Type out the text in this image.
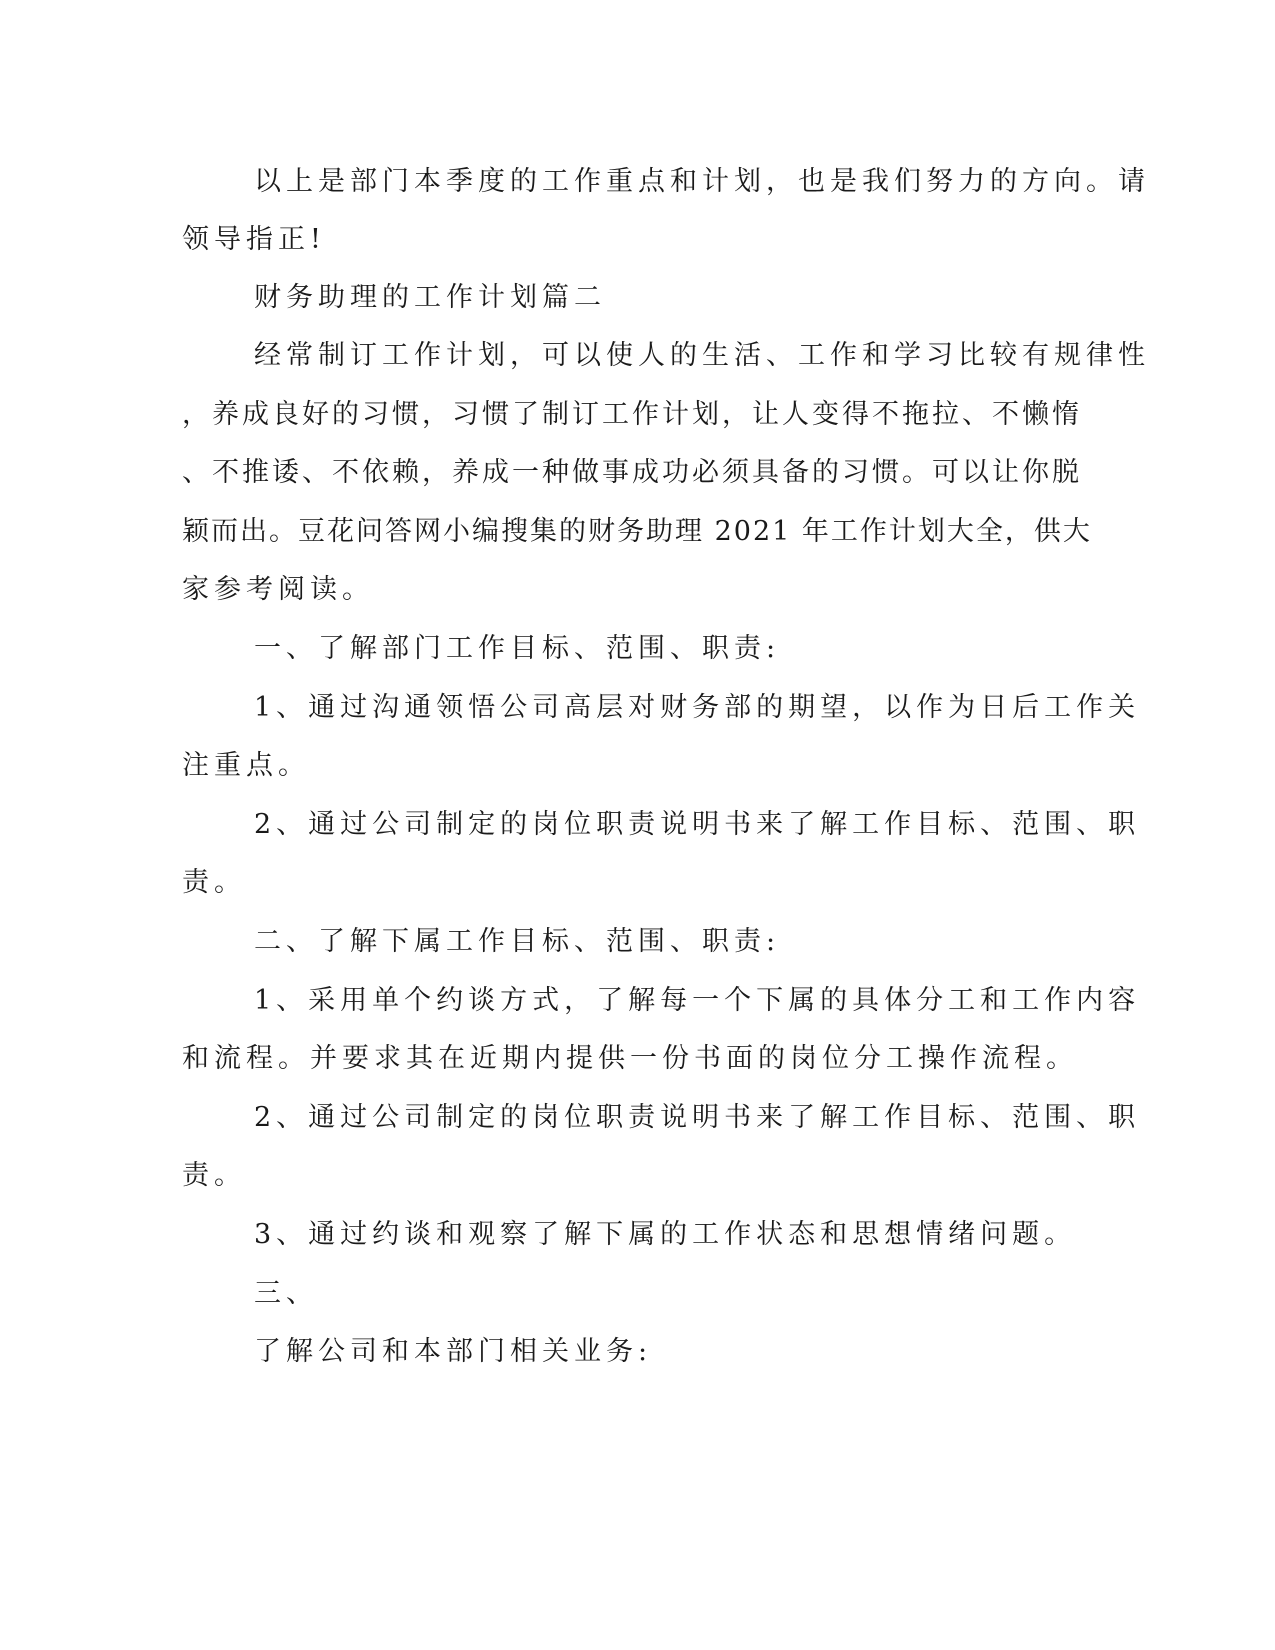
以上是部门本季度的工作重点和计划，也是我们努力的方向。请
领导指正!
财务助理的工作计划篇二
经常制订工作计划，可以使人的生活、工作和学习比较有规律性
，养成良好的习惯，习惯了制订工作计划，让人变得不拖拉、不懒惰
、不推诿、不依赖，养成一种做事成功必须具备的习惯。可以让你脱
颖而出。豆花问答网小编搜集的财务助理 2021 年工作计划大全，供大
家参考阅读。
一、了解部门工作目标、范围、职责:
1、通过沟通领悟公司高层对财务部的期望，以作为日后工作关
注重点。
2、通过公司制定的岗位职责说明书来了解工作目标、范围、职
责。
二、了解下属工作目标、范围、职责:
1、采用单个约谈方式，了解每一个下属的具体分工和工作内容
和流程。并要求其在近期内提供一份书面的岗位分工操作流程。
2、通过公司制定的岗位职责说明书来了解工作目标、范围、职
责。
3、通过约谈和观察了解下属的工作状态和思想情绪问题。
三、
了解公司和本部门相关业务:
